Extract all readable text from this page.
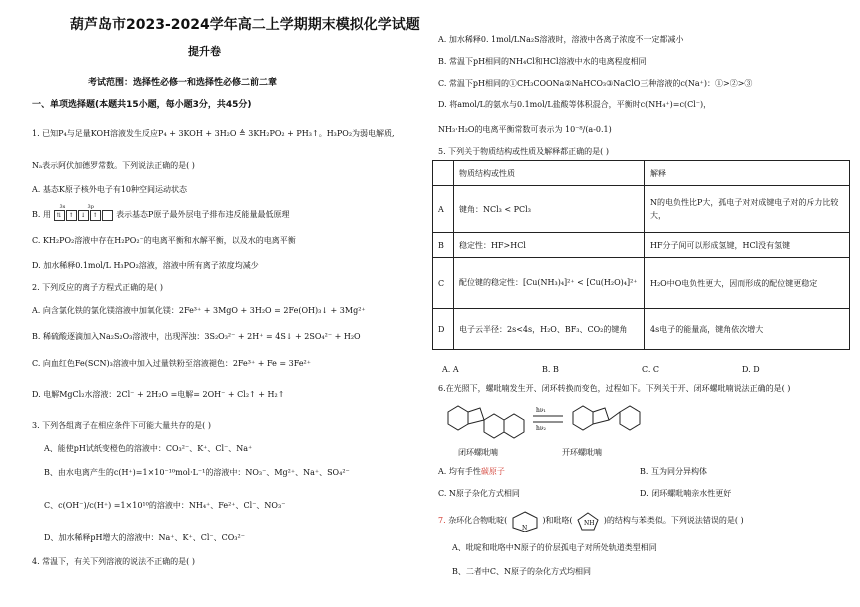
葫芦岛市2023-2024学年高二上学期期末模拟化学试题
提升卷
考试范围：选择性必修一和选择性必修二前二章
一、单项选择题(本题共15小题，每小题3分，共45分)
1. 已知P₄与足量KOH溶液发生反应P₄ + 3KOH + 3H₂O ≜ 3KH₂PO₂ + PH₃↑。H₃PO₂为弱电解质,
Nₐ表示阿伏加德罗常数。下列说法正确的是( )
A. 基态K原子核外电子有10种空间运动状态
B. 用
3s	3p
⇅ ↑ ↓ ↑ 表示基态P原子最外层电子排布违反能量最低原理
C. KH₂PO₂溶液中存在H₂PO₂⁻的电离平衡和水解平衡，以及水的电离平衡
D. 加水稀释0.1mol/L H₃PO₂溶液，溶液中所有离子浓度均减少
2. 下列反应的离子方程式正确的是( )
A. 向含氯化铁的氯化镁溶液中加氧化镁：2Fe³⁺ + 3MgO + 3H₂O = 2Fe(OH)₃↓ + 3Mg²⁺
B. 稀硫酸逐滴加入Na₂S₂O₃溶液中，出现浑浊：3S₂O₃²⁻ + 2H⁺ = 4S↓ + 2SO₄²⁻ + H₂O
C. 向血红色Fe(SCN)₃溶液中加入过量铁粉至溶液褪色：2Fe³⁺ + Fe = 3Fe²⁺
D. 电解MgCl₂水溶液：2Cl⁻ + 2H₂O =电解= 2OH⁻ + Cl₂↑ + H₂↑
3. 下列各组离子在相应条件下可能大量共存的是( )
A、能使pH试纸变橙色的溶液中：CO₃²⁻、K⁺、Cl⁻、Na⁺
B、由水电离产生的c(H⁺)=1×10⁻¹⁰mol·L⁻¹的溶液中：NO₃⁻、Mg²⁺、Na⁺、SO₄²⁻
C、c(OH⁻)/c(H⁺) =1×10¹⁰的溶液中：NH₄⁺、Fe²⁺、Cl⁻、NO₃⁻
D、加水稀释pH增大的溶液中：Na⁺、K⁺、Cl⁻、CO₃²⁻
4. 常温下，有关下列溶液的说法不正确的是( )
A. 加水稀释0. 1mol/LNa₂S溶液时，溶液中各离子浓度不一定都减小
B. 常温下pH相同的NH₄Cl和HCl溶液中水的电离程度相同
C. 常温下pH相同的①CH₃COONa②NaHCO₃③NaClO三种溶液的c(Na⁺)：①>②>③
D. 将amol/L的氨水与0.1mol/L盐酸等体积混合，平衡时c(NH₄⁺)=c(Cl⁻)，
NH₃·H₂O的电离平衡常数可表示为 10⁻⁸/(a-0.1)
5. 下列关于物质结构或性质及解释都正确的是( )
	物质结构或性质	解释
A	键角：NCl₃ < PCl₃	N的电负性比P大，孤电子对对成键电子对的斥力比较大，
B	稳定性：HF>HCl	HF分子间可以形成氢键，HCl没有氢键
C	配位键的稳定性：[Cu(NH₃)₄]²⁺ < [Cu(H₂O)₄]²⁺	H₂O中O电负性更大，因而形成的配位键更稳定
D	电子云半径：2s<4s，H₂O、BF₃、CO₂的键角	4s电子的能量高，键角依次增大
A. A	B. B	C. C	D. D
6.在光照下，螺吡喃发生开、闭环转换而变色，过程如下。下列关于开、闭环螺吡喃说法正确的是( )
hν₁
hν₂
闭环螺吡喃	开环螺吡喃
A. 均有手性碳原子	B. 互为同分异构体
C. N原子杂化方式相同	D. 闭环螺吡喃亲水性更好
7. 杂环化合物吡啶(
N
)和吡咯( NH )的结构与苯类似。下列说法错误的是( )
A、吡啶和吡咯中N原子的价层孤电子对所处轨道类型相同
B、二者中C、N原子的杂化方式均相同
